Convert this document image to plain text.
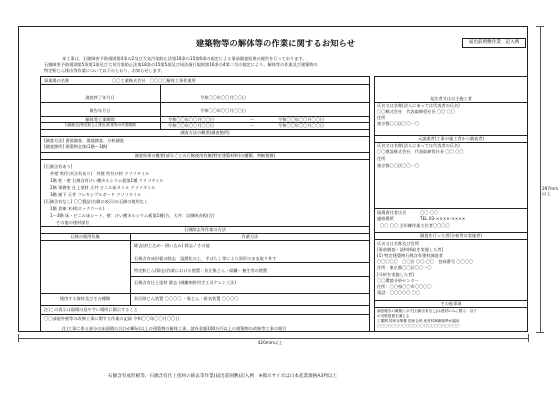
建築物等の解体等の作業に関するお知らせ	届出前則敷作業　記入例
本工事は、石綿障害予防規則第4条の2及び大気汚染防止法第18条の15第6項の規定による事前調査結果の報告を行っております。
石綿障害予防規則第5条第1項及び大気汚染防止法第18条の15第5項及び同法施行規則第16条の4第二号の規定により、解体等の作業及び建築物の
特定粉じん排出等作業について以下のとおり、お知らせします。
事業場の名称	〇〇工業株式会社　〇〇〇〇解体工事作業所
調査終了年月日	令和〇〇年〇〇月〇〇日
報告年月日	令和〇〇年〇〇月〇〇日
解体等工事期間	令和〇〇年〇〇月〇〇日	〜	令和〇〇年〇〇月〇〇日
石綿除去(特定粉じん排出)作業等の作業期間	令和〇〇年〇〇月〇〇日	〜	令和〇〇年〇〇月〇〇日
調査方法の概要(調査箇所)
[調査方法] 書面調査、現地調査、分析調査
[調査箇所] 建築物全体(1階〜3階)
調査結果の概要(部分ごとの石綿使用有無(特定建築材料)の種類、判断根拠)
[石綿含有あり]
外壁 吹付け(含有あり)　外壁 吹付け材 クリソタイル
1階 柱・壁 石綿含有けい酸カルシウム板第1種 クリソタイル
2階 事務室 仕上塗材 天井 ビニル床タイル クリソタイル
3階 廊下 天井 フレキシブルボード クリソタイル
[石綿含有なし] 〇〇製品(右側の表示)の石綿の使用なし
1階 倉庫 木材(ロックウール)
1〜3階 床・ビニル床シート、壁：けい酸カルシウム板第1種(合、天井：岩綿吸音板(合)
その他の建材部位
石綿除去等作業の方法
石綿の使用有無	作業方法
除去(封じ込め・囲い込み) 除去 / その他
石綿含有成形板の除去　湿潤化の上、手ばらし等により原形のまま取り外す
特定粉じん(除去)作業における措置：負圧集じん・隔離・養生等の措置
石綿含有仕上塗材 除去 (剥離剤併用手工具ケレン工法)
使用する資材及びその種類	負圧除じん装置 〇〇〇〇 ・集じん・排気装置 〇〇〇〇
注)この表示は現場の見やすい場所に掲示すること
〇〇部屋外壁等の改修工事に関する作業の記録 令和〇〇年〇〇月〇〇日
発注者又は自主施工者
氏名又は名称(法人にあっては代表者の氏名)
〇〇株式会社　代表取締役社長 〇〇 〇〇
住所
東京都〇〇区〇〇一〇
元請業者(工事の施工者かつ調査者)
氏名又は名称(法人にあっては代表者の氏名)
〇〇建設株式会社　代表取締役社長 〇〇 〇〇
住所
東京都〇〇区〇〇一〇
現場責任者氏名	〇〇 〇〇
連絡場所	TEL 03-××××-××××
〇〇 〇〇 全形棟作業主任者〇〇〇〇
調査を行った者(分析等の実施者)
氏名又は名称及び住所
[事前調査・試料採取を実施した者]
(1) 特定建築物石綿含有建材調査者
〇〇〇〇〇　〇〇区 〇〇 〇〇　登録番号 〇〇〇〇
住所：東京都〇〇区〇〇一〇
[分析を実施した者]
〇〇環境分析センター
住所：〇〇県〇〇市〇〇〇〇
電話：〇〇〇〇〇 〇〇
その他事項
調査報告の概要に示す[石綿含有なし]は建材のみに限る：以下
の対策措置を講じる
工期間 国家対策費 国家合併 産材料制御基準が適用
〇〇〇〇〇〇〇〇〇〇〇〇〇〇〇〇〇〇〇〇〇〇〇
注)工事に係る部分の床面積の合計が80㎡以上の建築物の解体工事、請負金額100万円以上の建築物の改修等工事の場合
420mm以上
297mm以上
石綿含有成形板等、石綿含有仕上塗材の除去等作業(届出前則敷)記入例　※掲示サイズは日本産業規格A3判以上
